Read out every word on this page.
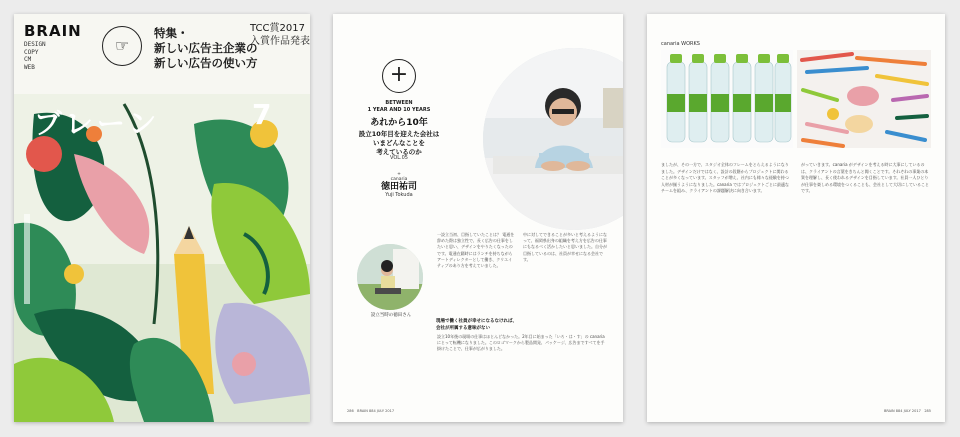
BRAIN
DESIGN
COPY
CM
WEB
☞
特集・
新しい広告主企業の
新しい広告の使い方
TCC賞2017
入賞作品発表
ブレーン	7
+
BETWEEN
1 YEAR AND 10 YEARS
あれから10年
設立10年目を迎えた会社は
いまどんなことを
考えているのか
VOL.05
+
canaria
徳田祐司
Yuji Tokuda
設立当時の徳田さん
一設立当初、目指していたことは？ 電通を辞めた際は独立性で、長く広告の仕事をしたいと思い、デザインをやりたくなったのです。電通在籍時にはランチを持ちながらアートディレクターとして働き、クリエイティブのあり方を考えていました。
現場で働く社員が幸せになるなければ、
会社が所属する意味がない
中に対してできることが多いと考えるようになって、福岡県出身の組織を考え方を広告の仕事にもなるべく活かしたいと思いました。自分が目指しているのは、社員が幸せになる会社です。
設立10年後の現場の仕事はほとんどなかった。2年目に始まった「いろ・は・す」の canaria にとって転機になりました。このロゴマークから製品開発、パッケージ、広告まですべてを手掛けたことで、仕事が広がりました。
286　BRAIN 884 JULY 2017
canaria WORKS
ましたが、その一方で、スタジオ全体のフレームをとらえるようになりました。デザインだけではなく、設計の段階からプロジェクトに関わることが多くなっています。スタッフが増え、社内にも様々な経験を持つ人材が揃うようになりました。canaria ではプロジェクトごとに最適なチームを組み、クライアントの課題解決に向き合います。
がっていきます。canaria がデザインを考える時に大事にしているのは、クライアントの言葉をきちんと聞くことです。それぞれの事業の本質を理解し、長く使われるデザインを目指しています。社員一人ひとりが仕事を楽しめる環境をつくることも、会社として大切にしていることです。
BRAIN 884 JULY 2017　285
